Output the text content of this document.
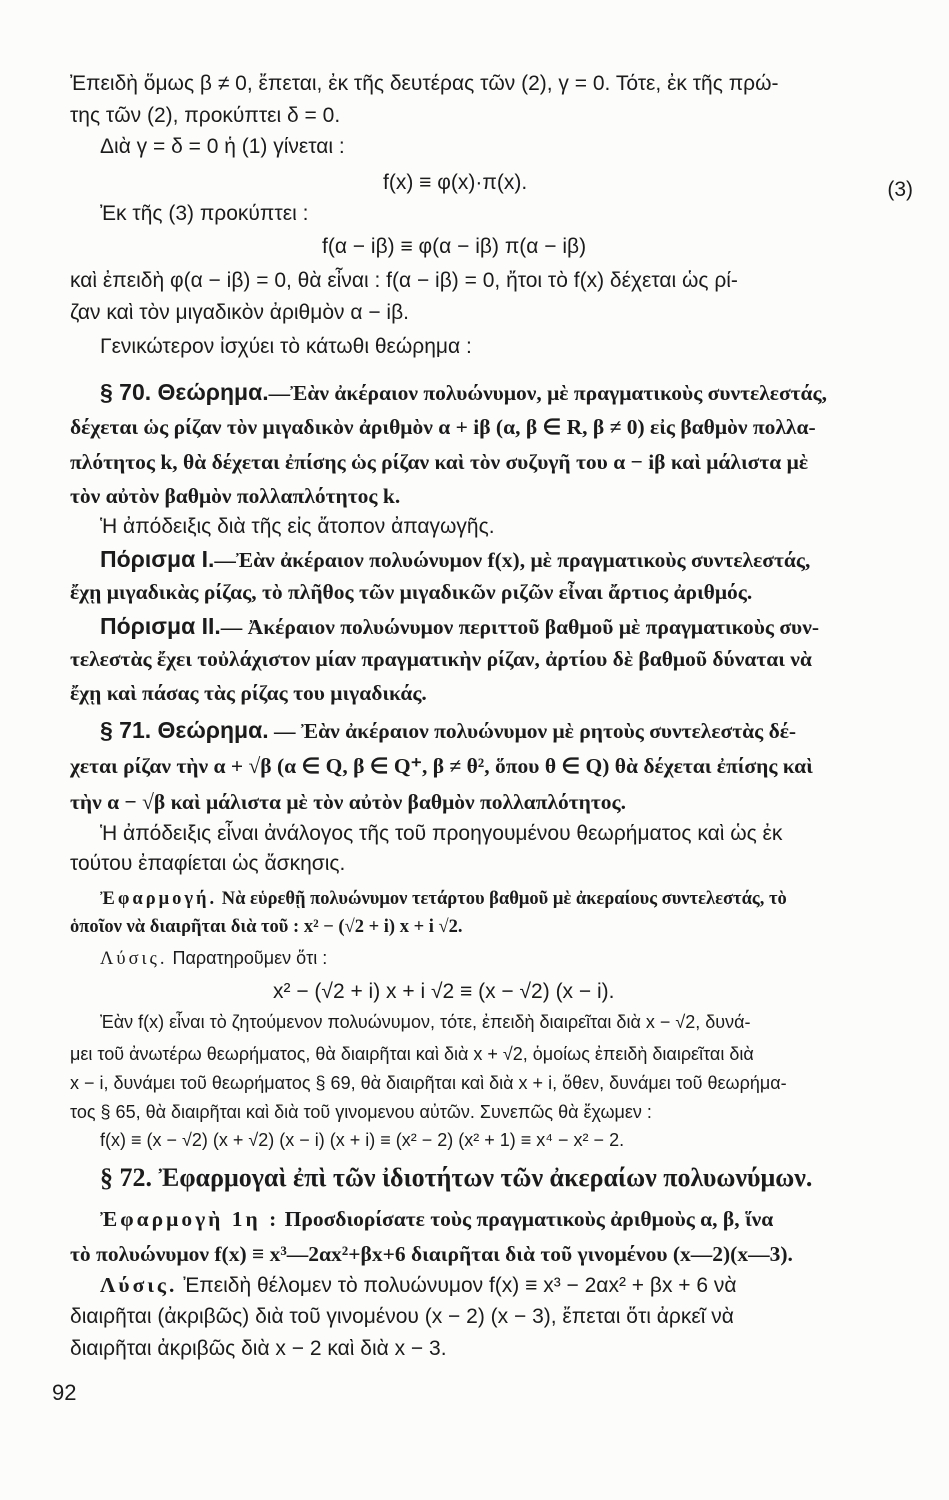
Ἐπειδὴ ὅμως β ≠ 0, ἔπεται, ἐκ τῆς δευτέρας τῶν (2), γ = 0. Τότε, ἐκ τῆς πρώ-
της τῶν (2), προκύπτει δ = 0.
Διὰ γ = δ = 0 ἡ (1) γίνεται :
f(x) ≡ φ(x)·π(x).	(3)
Ἐκ τῆς (3) προκύπτει :
f(α − iβ) ≡ φ(α − iβ) π(α − iβ)
καὶ ἐπειδὴ φ(α − iβ) = 0, θὰ εἶναι : f(α − iβ) = 0, ἤτοι τὸ f(x) δέχεται ὡς ρί-
ζαν καὶ τὸν μιγαδικὸν ἀριθμὸν α − iβ.
Γενικώτερον ἰσχύει τὸ κάτωθι θεώρημα :
§ 70. Θεώρημα.—Ἐὰν ἀκέραιον πολυώνυμον, μὲ πραγματικοὺς συντελεστάς,
δέχεται ὡς ρίζαν τὸν μιγαδικὸν ἀριθμὸν α + iβ (α, β ∈ R, β ≠ 0) εἰς βαθμὸν πολλα-
πλότητος k, θὰ δέχεται ἐπίσης ὡς ρίζαν καὶ τὸν συζυγῆ του α − iβ καὶ μάλιστα μὲ
τὸν αὐτὸν βαθμὸν πολλαπλότητος k.
Ἡ ἀπόδειξις διὰ τῆς εἰς ἄτοπον ἀπαγωγῆς.
Πόρισμα I.—Ἐὰν ἀκέραιον πολυώνυμον f(x), μὲ πραγματικοὺς συντελεστάς,
ἔχῃ μιγαδικὰς ρίζας, τὸ πλῆθος τῶν μιγαδικῶν ριζῶν εἶναι ἄρτιος ἀριθμός.
Πόρισμα II.— Ἀκέραιον πολυώνυμον περιττοῦ βαθμοῦ μὲ πραγματικοὺς συν-
τελεστὰς ἔχει τοὐλάχιστον μίαν πραγματικὴν ρίζαν, ἀρτίου δὲ βαθμοῦ δύναται νὰ
ἔχῃ καὶ πάσας τὰς ρίζας του μιγαδικάς.
§ 71. Θεώρημα. — Ἐὰν ἀκέραιον πολυώνυμον μὲ ρητοὺς συντελεστὰς δέ-
χεται ρίζαν τὴν α + √β (α ∈ Q, β ∈ Q⁺, β ≠ θ², ὅπου θ ∈ Q) θὰ δέχεται ἐπίσης καὶ
τὴν α − √β καὶ μάλιστα μὲ τὸν αὐτὸν βαθμὸν πολλαπλότητος.
Ἡ ἀπόδειξις εἶναι ἀνάλογος τῆς τοῦ προηγουμένου θεωρήματος καὶ ὡς ἐκ
τούτου ἐπαφίεται ὡς ἄσκησις.
Ἐφαρμογή. Νὰ εὑρεθῇ πολυώνυμον τετάρτου βαθμοῦ μὲ ἀκεραίους συντελεστάς, τὸ
ὁποῖον νὰ διαιρῆται διὰ τοῦ : x² − (√2 + i) x + i √2.
Λύσις. Παρατηροῦμεν ὅτι :
x² − (√2 + i) x + i √2 ≡ (x − √2) (x − i).
Ἐὰν f(x) εἶναι τὸ ζητούμενον πολυώνυμον, τότε, ἐπειδὴ διαιρεῖται διὰ x − √2, δυνά-
μει τοῦ ἀνωτέρω θεωρήματος, θὰ διαιρῆται καὶ διὰ x + √2, ὁμοίως ἐπειδὴ διαιρεῖται διὰ
x − i, δυνάμει τοῦ θεωρήματος § 69, θὰ διαιρῆται καὶ διὰ x + i, ὅθεν, δυνάμει τοῦ θεωρήμα-
τος § 65, θὰ διαιρῆται καὶ διὰ τοῦ γινομενου αὐτῶν. Συνεπῶς θὰ ἔχωμεν :
f(x) ≡ (x − √2) (x + √2) (x − i) (x + i) ≡ (x² − 2) (x² + 1) ≡ x⁴ − x² − 2.
§ 72. Ἐφαρμογαὶ ἐπὶ τῶν ἰδιοτήτων τῶν ἀκεραίων πολυωνύμων.
Ἐφαρμογὴ 1η : Προσδιορίσατε τοὺς πραγματικοὺς ἀριθμοὺς α, β, ἵνα
τὸ πολυώνυμον f(x) ≡ x³—2αx²+βx+6 διαιρῆται διὰ τοῦ γινομένου (x—2)(x—3).
Λύσις. Ἐπειδὴ θέλομεν τὸ πολυώνυμον f(x) ≡ x³ − 2αx² + βx + 6 νὰ
διαιρῆται (ἀκριβῶς) διὰ τοῦ γινομένου (x − 2) (x − 3), ἔπεται ὅτι ἀρκεῖ νὰ
διαιρῆται ἀκριβῶς διὰ x − 2 καὶ διὰ x − 3.
92
